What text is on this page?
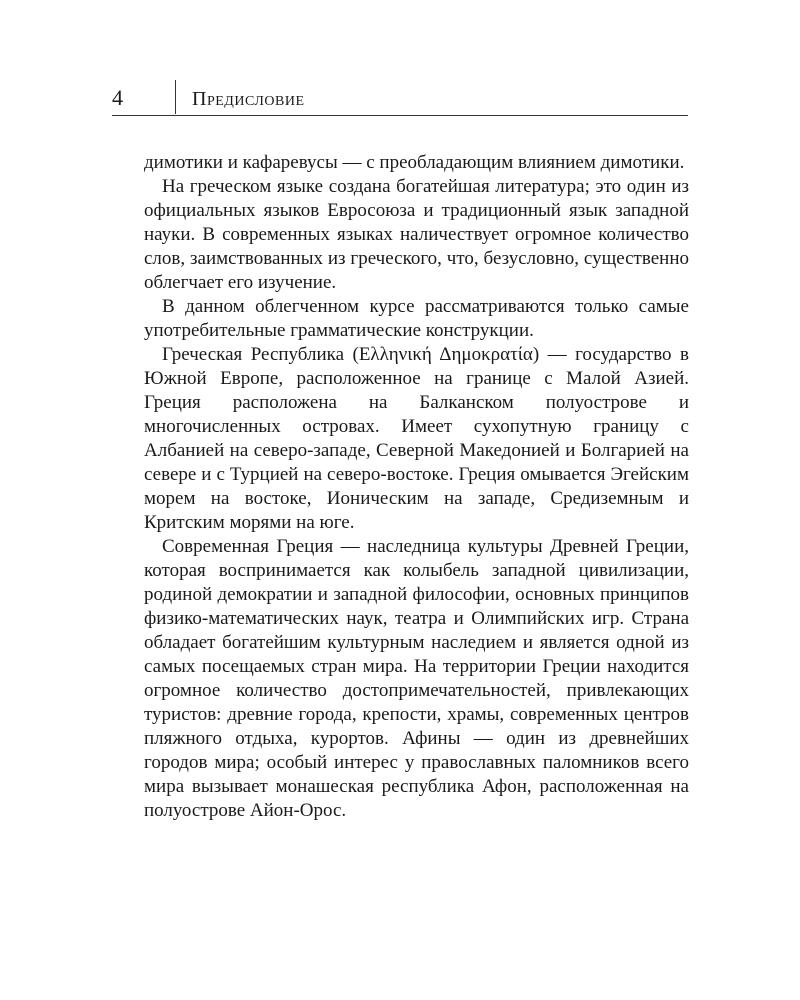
4	Предисловие

димотики и кафаревусы — с преобладающим влиянием димотики.

На греческом языке создана богатейшая литература; это один из официальных языков Евросоюза и традиционный язык западной науки. В современных языках наличествует огромное количество слов, заимствованных из греческого, что, безусловно, существенно облегчает его изучение.

В данном облегченном курсе рассматриваются только самые употребительные грамматические конструкции.

Греческая Республика (Ελληνική Δημοκρατία) — государство в Южной Европе, расположенное на границе с Малой Азией. Греция расположена на Балканском полуострове и многочисленных островах. Имеет сухопутную границу с Албанией на северо-западе, Северной Македонией и Болгарией на севере и с Турцией на северо-востоке. Греция омывается Эгейским морем на востоке, Ионическим на западе, Средиземным и Критским морями на юге.

Современная Греция — наследница культуры Древней Греции, которая воспринимается как колыбель западной цивилизации, родиной демократии и западной философии, основных принципов физико-математических наук, театра и Олимпийских игр. Страна обладает богатейшим культурным наследием и является одной из самых посещаемых стран мира. На территории Греции находится огромное количество достопримечательностей, привлекающих туристов: древние города, крепости, храмы, современных центров пляжного отдыха, курортов. Афины — один из древнейших городов мира; особый интерес у православных паломников всего мира вызывает монашеская республика Афон, расположенная на полуострове Айон-Орос.
